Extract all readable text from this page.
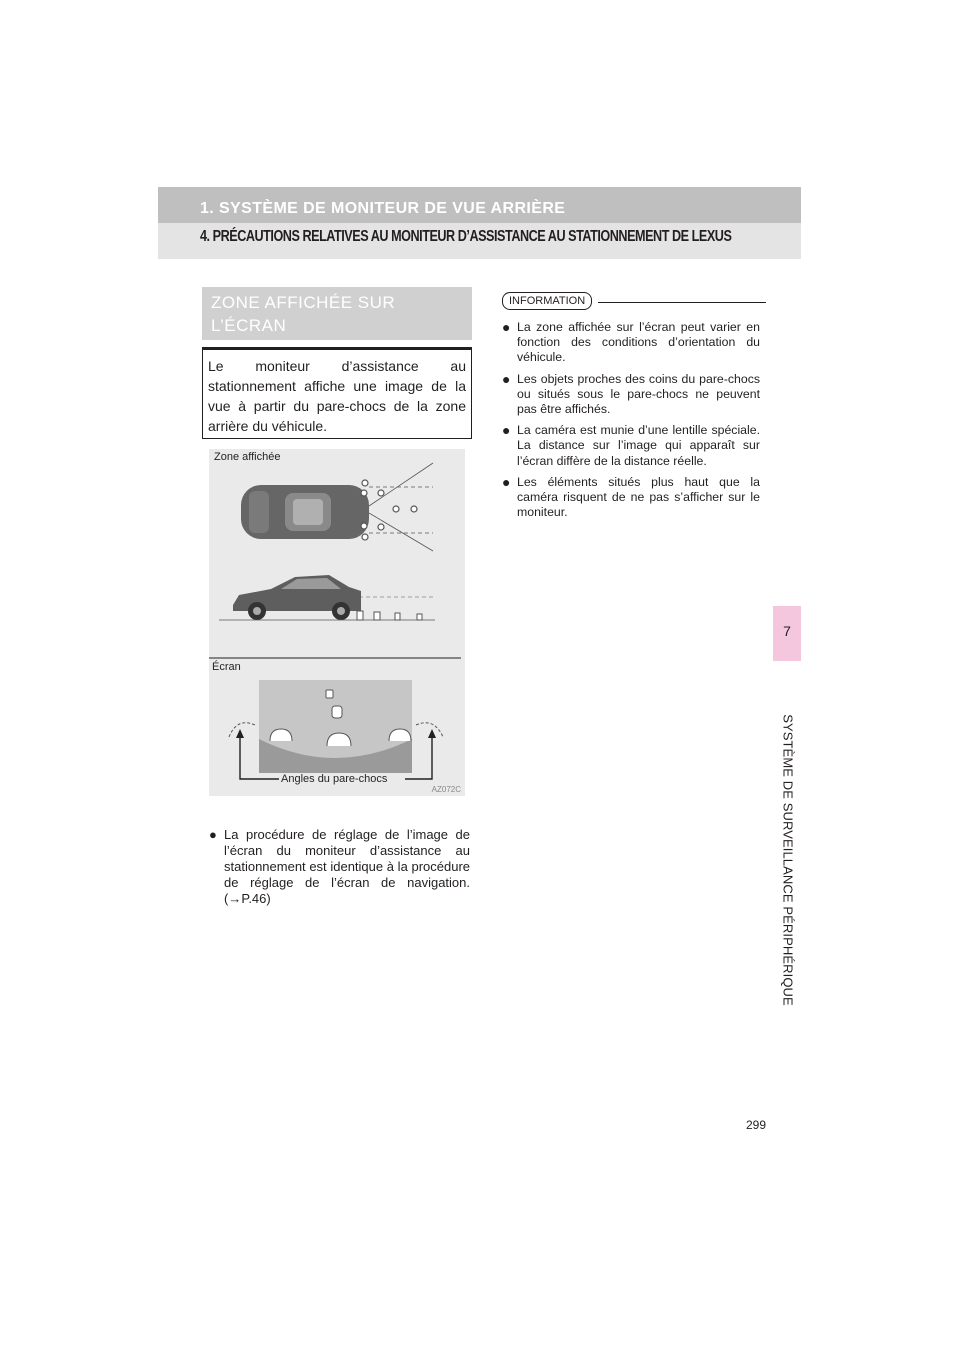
1. SYSTÈME DE MONITEUR DE VUE ARRIÈRE
4. PRÉCAUTIONS RELATIVES AU MONITEUR D’ASSISTANCE AU STATIONNEMENT DE LEXUS
7
SYSTÈME DE SURVEILLANCE PÉRIPHÉRIQUE
ZONE AFFICHÉE SUR
L’ÉCRAN

Le moniteur d’assistance au stationnement affiche une image de la vue à partir du pare-chocs de la zone arrière du véhicule.

Zone affichée
Écran
Angles du pare-chocs
AZ072C
● La procédure de réglage de l’image de l’écran du moniteur d’assistance au stationnement est identique à la procédure de réglage de l’écran de navigation. (→P.46)

INFORMATION
● La zone affichée sur l’écran peut varier en fonction des conditions d’orientation du véhicule.

● Les objets proches des coins du pare-chocs ou situés sous le pare-chocs ne peuvent pas être affichés.

● La caméra est munie d’une lentille spéciale. La distance sur l’image qui apparaît sur l’écran diffère de la distance réelle.

● Les éléments situés plus haut que la caméra risquent de ne pas s’afficher sur le moniteur.

299
